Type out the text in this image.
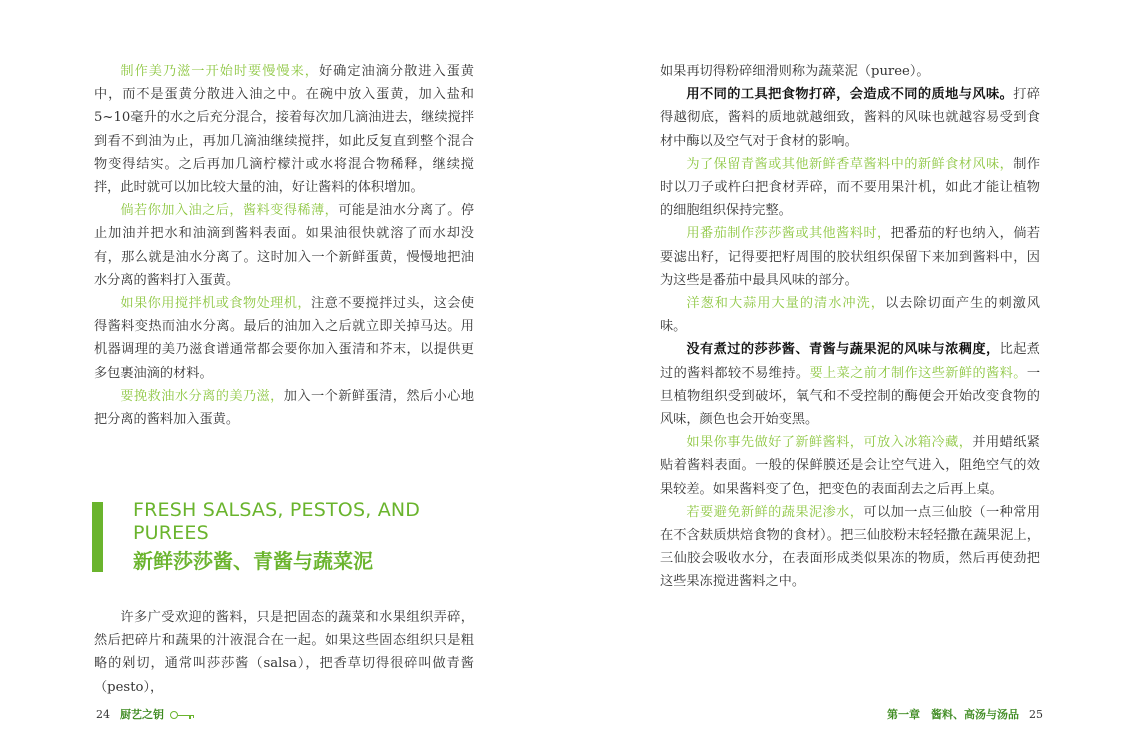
制作美乃滋一开始时要慢慢来，好确定油滴分散进入蛋黄中，而不是蛋黄分散进入油之中。在碗中放入蛋黄，加入盐和5~10毫升的水之后充分混合，接着每次加几滴油进去，继续搅拌到看不到油为止，再加几滴油继续搅拌，如此反复直到整个混合物变得结实。之后再加几滴柠檬汁或水将混合物稀释，继续搅拌，此时就可以加比较大量的油，好让酱料的体积增加。

倘若你加入油之后，酱料变得稀薄，可能是油水分离了。停止加油并把水和油滴到酱料表面。如果油很快就溶了而水却没有，那么就是油水分离了。这时加入一个新鲜蛋黄，慢慢地把油水分离的酱料打入蛋黄。

如果你用搅拌机或食物处理机，注意不要搅拌过头，这会使得酱料变热而油水分离。最后的油加入之后就立即关掉马达。用机器调理的美乃滋食谱通常都会要你加入蛋清和芥末，以提供更多包裹油滴的材料。

要挽救油水分离的美乃滋，加入一个新鲜蛋清，然后小心地把分离的酱料加入蛋黄。

FRESH SALSAS, PESTOS, AND PUREES
新鲜莎莎酱、青酱与蔬菜泥

许多广受欢迎的酱料，只是把固态的蔬菜和水果组织弄碎，然后把碎片和蔬果的汁液混合在一起。如果这些固态组织只是粗略的剁切，通常叫莎莎酱（salsa），把香草切得很碎叫做青酱（pesto），

24 厨艺之钥

如果再切得粉碎细滑则称为蔬菜泥（puree）。

用不同的工具把食物打碎，会造成不同的质地与风味。打碎得越彻底，酱料的质地就越细致，酱料的风味也就越容易受到食材中酶以及空气对于食材的影响。

为了保留青酱或其他新鲜香草酱料中的新鲜食材风味，制作时以刀子或杵臼把食材弄碎，而不要用果汁机，如此才能让植物的细胞组织保持完整。

用番茄制作莎莎酱或其他酱料时，把番茄的籽也纳入，倘若要滤出籽，记得要把籽周围的胶状组织保留下来加到酱料中，因为这些是番茄中最具风味的部分。

洋葱和大蒜用大量的清水冲洗，以去除切面产生的刺激风味。

没有煮过的莎莎酱、青酱与蔬果泥的风味与浓稠度，比起煮过的酱料都较不易维持。要上菜之前才制作这些新鲜的酱料。一旦植物组织受到破坏，氧气和不受控制的酶便会开始改变食物的风味，颜色也会开始变黑。

如果你事先做好了新鲜酱料，可放入冰箱冷藏，并用蜡纸紧贴着酱料表面。一般的保鲜膜还是会让空气进入，阻绝空气的效果较差。如果酱料变了色，把变色的表面刮去之后再上桌。

若要避免新鲜的蔬果泥渗水，可以加一点三仙胶（一种常用在不含麸质烘焙食物的食材）。把三仙胶粉末轻轻撒在蔬果泥上，三仙胶会吸收水分，在表面形成类似果冻的物质，然后再使劲把这些果冻搅进酱料之中。

第一章　酱料、高汤与汤品 25
